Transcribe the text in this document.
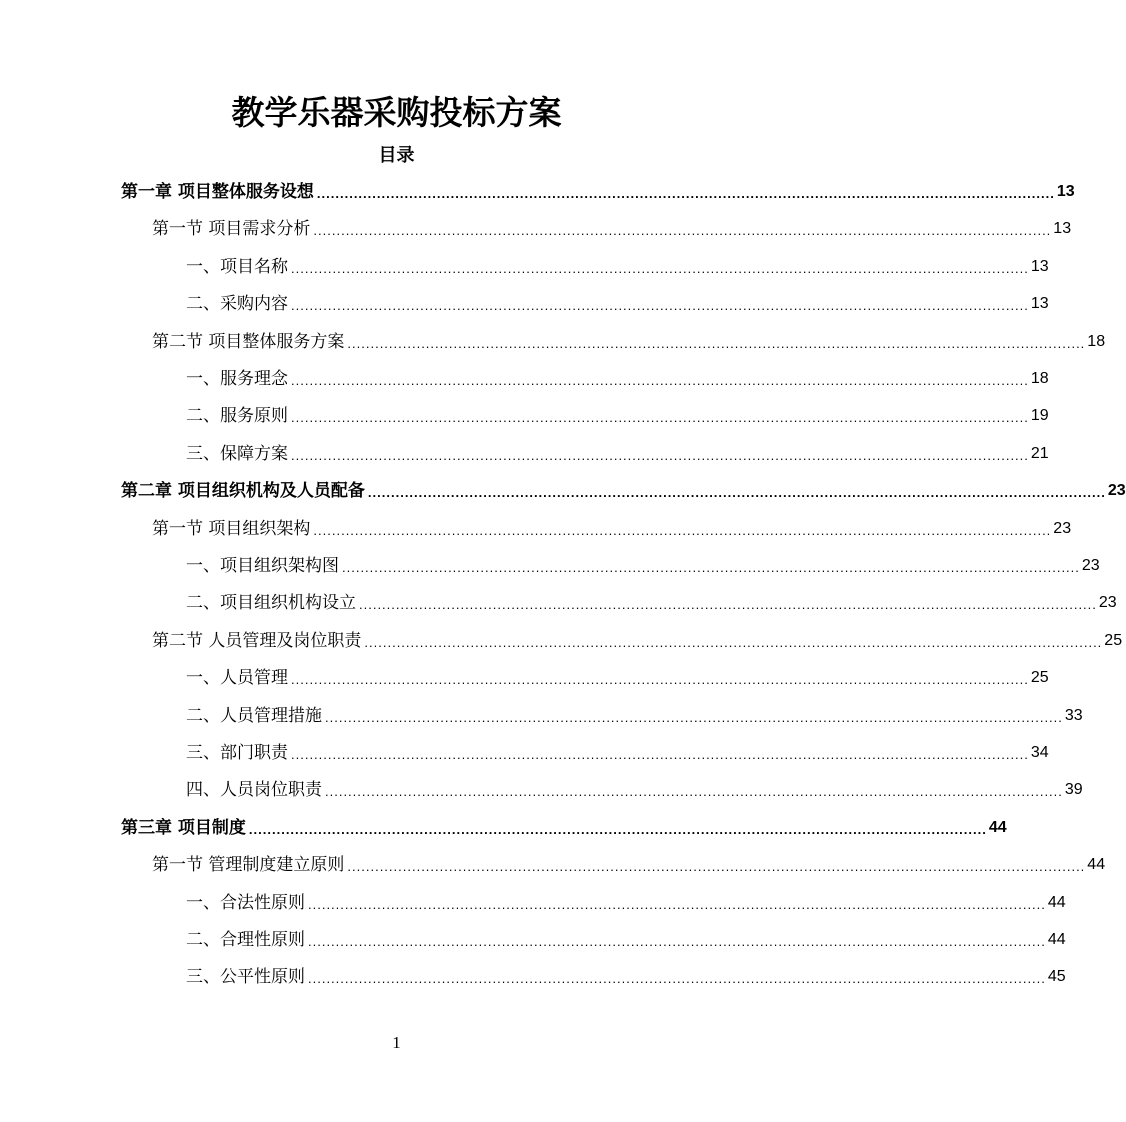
教学乐器采购投标方案
目录
第一章 项目整体服务设想 ................................................................................................................................................................ 13
第一节 项目需求分析 ................................................................................................................................................................ 13
一、项目名称 ................................................................................................................................................................ 13
二、采购内容 ................................................................................................................................................................ 13
第二节 项目整体服务方案 ................................................................................................................................................................ 18
一、服务理念 ................................................................................................................................................................ 18
二、服务原则 ................................................................................................................................................................ 19
三、保障方案 ................................................................................................................................................................ 21
第二章 项目组织机构及人员配备 ................................................................................................................................................................ 23
第一节 项目组织架构 ................................................................................................................................................................ 23
一、项目组织架构图 ................................................................................................................................................................ 23
二、项目组织机构设立 ................................................................................................................................................................ 23
第二节 人员管理及岗位职责 ................................................................................................................................................................ 25
一、人员管理 ................................................................................................................................................................ 25
二、人员管理措施 ................................................................................................................................................................ 33
三、部门职责 ................................................................................................................................................................ 34
四、人员岗位职责 ................................................................................................................................................................ 39
第三章 项目制度 ................................................................................................................................................................ 44
第一节 管理制度建立原则 ................................................................................................................................................................ 44
一、合法性原则 ................................................................................................................................................................ 44
二、合理性原则 ................................................................................................................................................................ 44
三、公平性原则 ................................................................................................................................................................ 45
1
